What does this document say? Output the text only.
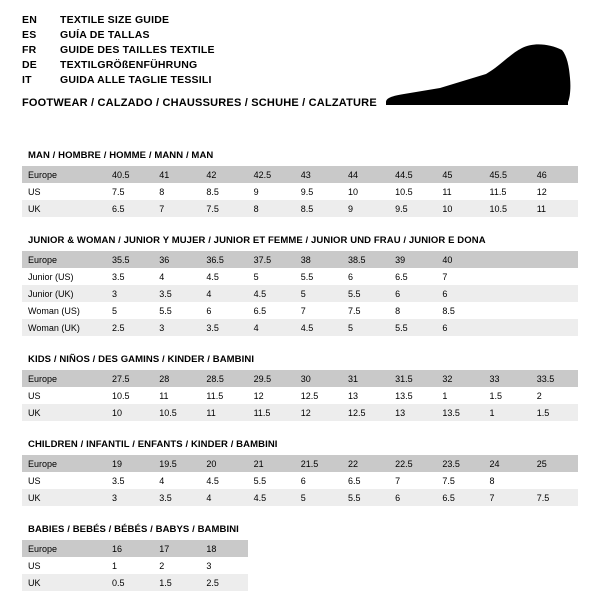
EN	TEXTILE SIZE GUIDE
ES	GUÍA DE TALLAS
FR	GUIDE DES TAILLES TEXTILE
DE	TEXTILGRÖßENFÜHRUNG
IT	GUIDA ALLE TAGLIE TESSILI
FOOTWEAR / CALZADO / CHAUSSURES / SCHUHE / CALZATURE
MAN / HOMBRE / HOMME / MANN / MAN
Europe	40.5	41	42	42.5	43	44	44.5	45	45.5	46
US	7.5	8	8.5	9	9.5	10	10.5	11	11.5	12
UK	6.5	7	7.5	8	8.5	9	9.5	10	10.5	11
JUNIOR & WOMAN / JUNIOR Y MUJER / JUNIOR ET FEMME / JUNIOR UND FRAU / JUNIOR E DONA
Europe	35.5	36	36.5	37.5	38	38.5	39	40		
Junior (US)	3.5	4	4.5	5	5.5	6	6.5	7		
Junior (UK)	3	3.5	4	4.5	5	5.5	6	6		
Woman (US)	5	5.5	6	6.5	7	7.5	8	8.5		
Woman (UK)	2.5	3	3.5	4	4.5	5	5.5	6		
KIDS / NIÑOS / DES GAMINS / KINDER / BAMBINI
Europe	27.5	28	28.5	29.5	30	31	31.5	32	33	33.5
US	10.5	11	11.5	12	12.5	13	13.5	1	1.5	2
UK	10	10.5	11	11.5	12	12.5	13	13.5	1	1.5
CHILDREN / INFANTIL / ENFANTS / KINDER / BAMBINI
Europe	19	19.5	20	21	21.5	22	22.5	23.5	24	25
US	3.5	4	4.5	5.5	6	6.5	7	7.5	8	
UK	3	3.5	4	4.5	5	5.5	6	6.5	7	7.5
BABIES / BEBÉS / BÉBÉS / BABYS / BAMBINI
Europe	16	17	18							
US	1	2	3							
UK	0.5	1.5	2.5							
